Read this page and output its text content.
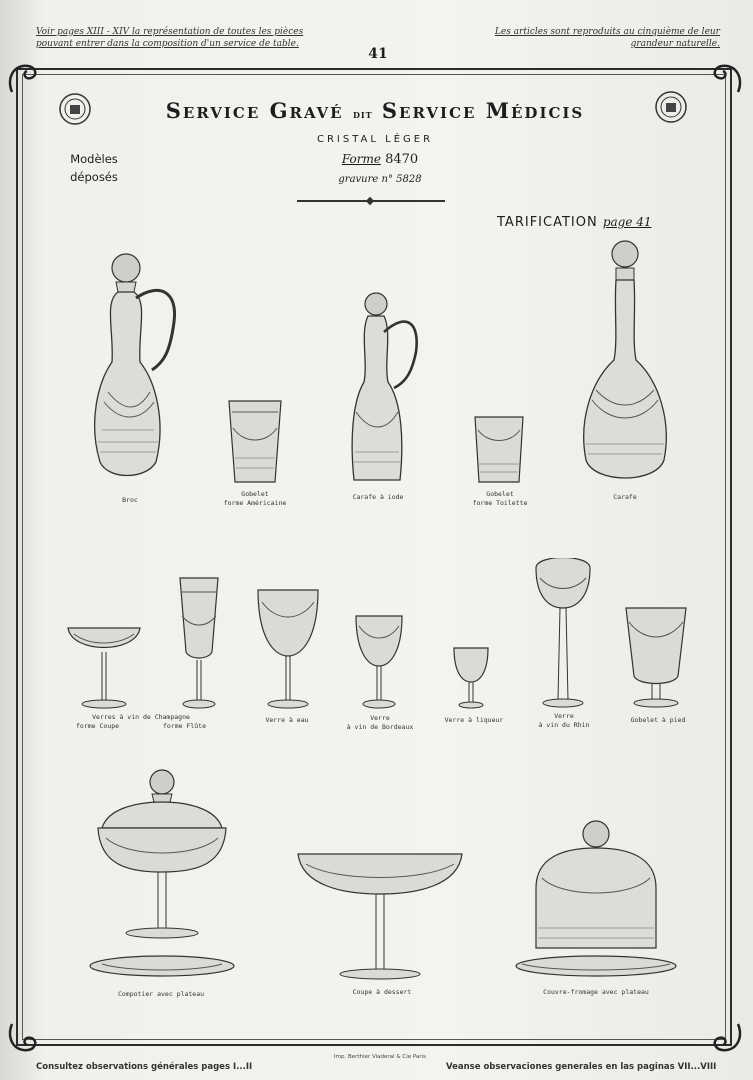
Voir pages XIII - XIV la représentation de toutes les pièces pouvant entrer dans la composition d'un service de table.
Les articles sont reproduits au cinquième de leur grandeur naturelle.
41
Service Gravé dit Service Médicis
CRISTAL LÉGER
Forme 8470
gravure n° 5828
Modèles
déposés
TARIFICATION page 41
Broc
Gobelet
forme Américaine
Carafe à iode	Gobelet
forme Toilette
Carafe
Verres à vin de Champagne
forme Coupe	forme Flûte
Verre à eau	Verre
à vin de Bordeaux
Verre à liqueur	Verre
à vin du Rhin
Gobelet à pied
Compotier avec plateau	Coupe à dessert	Couvre-fromage avec plateau
Imp. Berthier Viaderal & Cie Paris
Consultez observations générales pages I...II	Veanse observaciones generales en las paginas VII...VIII
